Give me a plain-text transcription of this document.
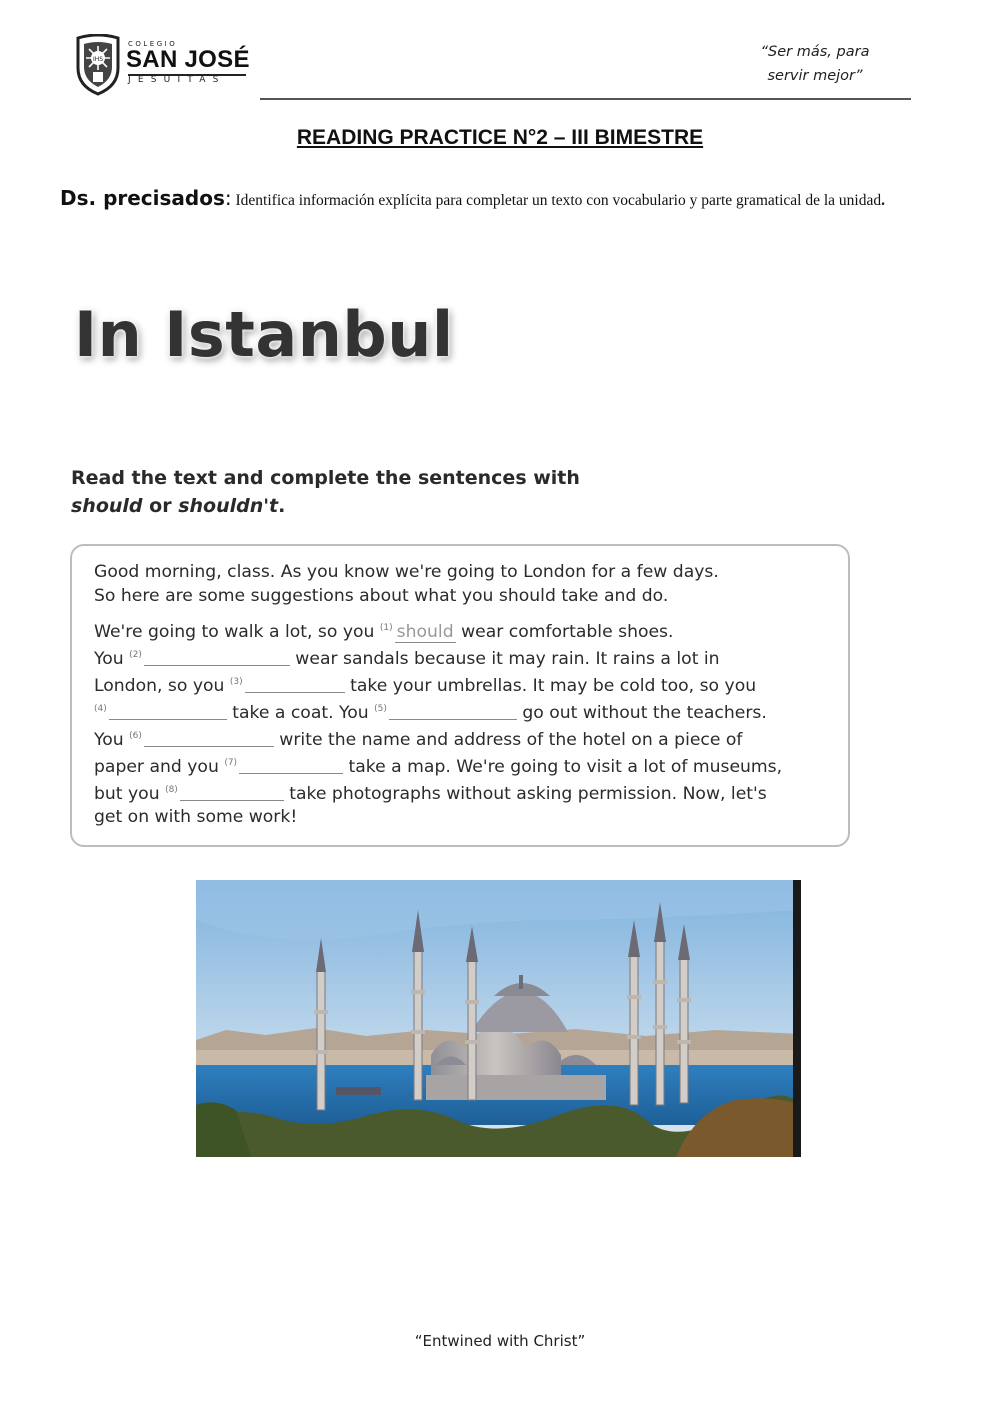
IHS
COLEGIO
SAN JOSÉ
JESUITAS
“Ser más, para
servir mejor”
READING PRACTICE N°2 – III BIMESTRE
Ds. precisados: Identifica información explícita para completar un texto con vocabulario y parte gramatical de la unidad.
In Istanbul
Read the text and complete the sentences with
should or shouldn't.
Good morning, class. As you know we're going to London for a few days.
So here are some suggestions about what you should take and do.
We're going to walk a lot, so you $^{(1)}$ should wear comfortable shoes.
You $^{(2)}$	wear sandals because it may rain. It rains a lot in
London, so you $^{(3)}$	take your umbrellas. It may be cold too, so you
$^{(4)}$	take a coat. You $^{(5)}$	go out without the teachers.
You $^{(6)}$	write the name and address of the hotel on a piece of
paper and you $^{(7)}$	take a map. We're going to visit a lot of museums,
but you $^{(8)}$	take photographs without asking permission. Now, let's
get on with some work!
“Entwined with Christ”
